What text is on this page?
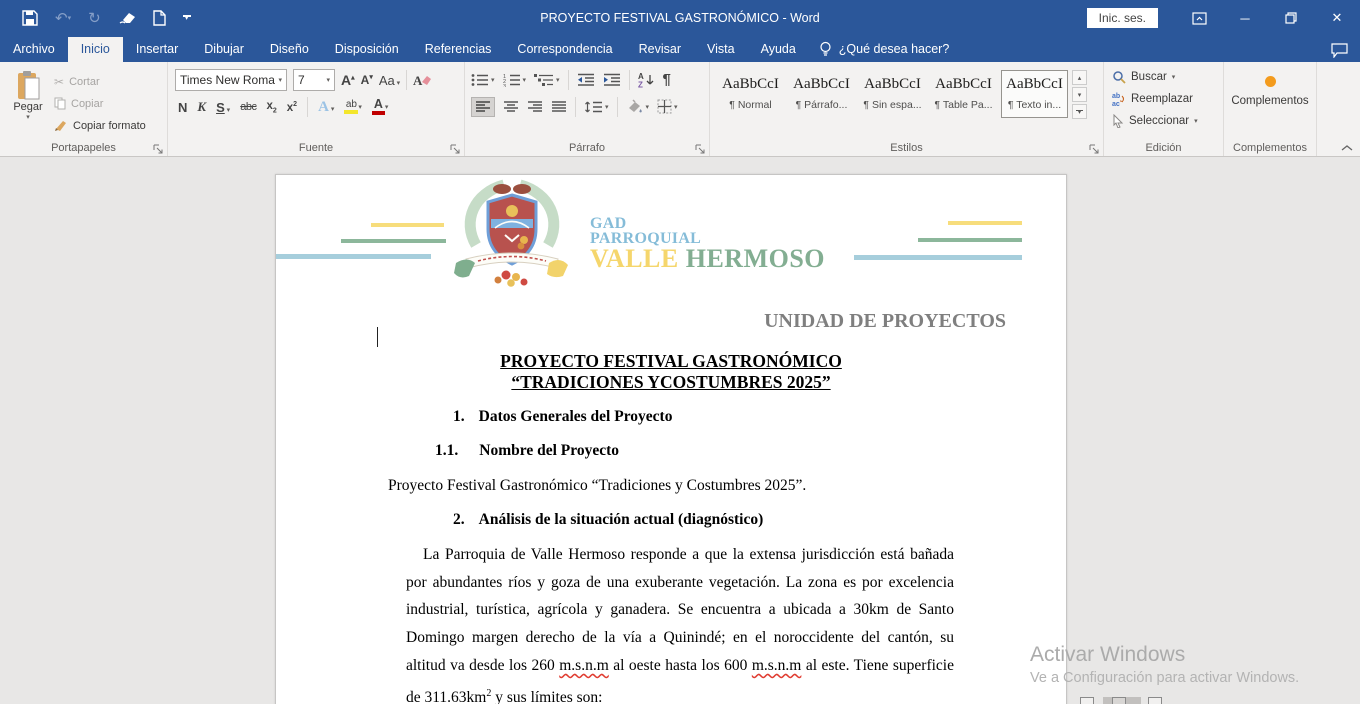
↶ ▾ ↻	▾	PROYECTO FESTIVAL GASTRONÓMICO - Word	Inic. ses.	─	✕
Archivo	Inicio	Insertar	Dibujar	Diseño	Disposición	Referencias	Correspondencia	Revisar	Vista	Ayuda	¿Qué desea hacer?
Pegar
▾
✂ Cortar
Copiar
Copiar formato
Portapapeles
Times New Roma ▾ 7	▾ A▴ A▾ Aa ▾ A
N K S ▾ abc $x_2$ $x^2$ A ▾ ab ▾ A ▾
Fuente
▾ 1
2
3
▾	▾	A
Z ¶
▾	▾	▾
Párrafo
AaBbCcI
¶ Normal
AaBbCcI
¶ Párrafo...
AaBbCcI
¶ Sin espa...
AaBbCcI
¶ Table Pa...
AaBbCcI
¶ Texto in...
▴
▾
▾
Estilos
Buscar ▾
ab
ac Reemplazar
Seleccionar ▾
Edición
Complementos
Complementos
GAD
PARROQUIAL
VALLE HERMOSO
UNIDAD DE PROYECTOS
PROYECTO FESTIVAL GASTRONÓMICO
“TRADICIONES YCOSTUMBRES 2025”
1. Datos Generales del Proyecto
1.1. Nombre del Proyecto
Proyecto Festival Gastronómico “Tradiciones y Costumbres 2025”.
2. Análisis de la situación actual (diagnóstico)
La Parroquia de Valle Hermoso responde a que la extensa jurisdicción está bañada
por abundantes ríos y goza de una exuberante vegetación. La zona es por excelencia
industrial, turística, agrícola y ganadera. Se encuentra a ubicada a 30km de Santo
Domingo margen derecho de la vía a Quinindé; en el noroccidente del cantón, su
altitud va desde los 260 m.s.n.m al oeste hasta los 600 m.s.n.m al este. Tiene superficie
de $311.63km^2$ y sus límites son:
Activar Windows
Ve a Configuración para activar Windows.
